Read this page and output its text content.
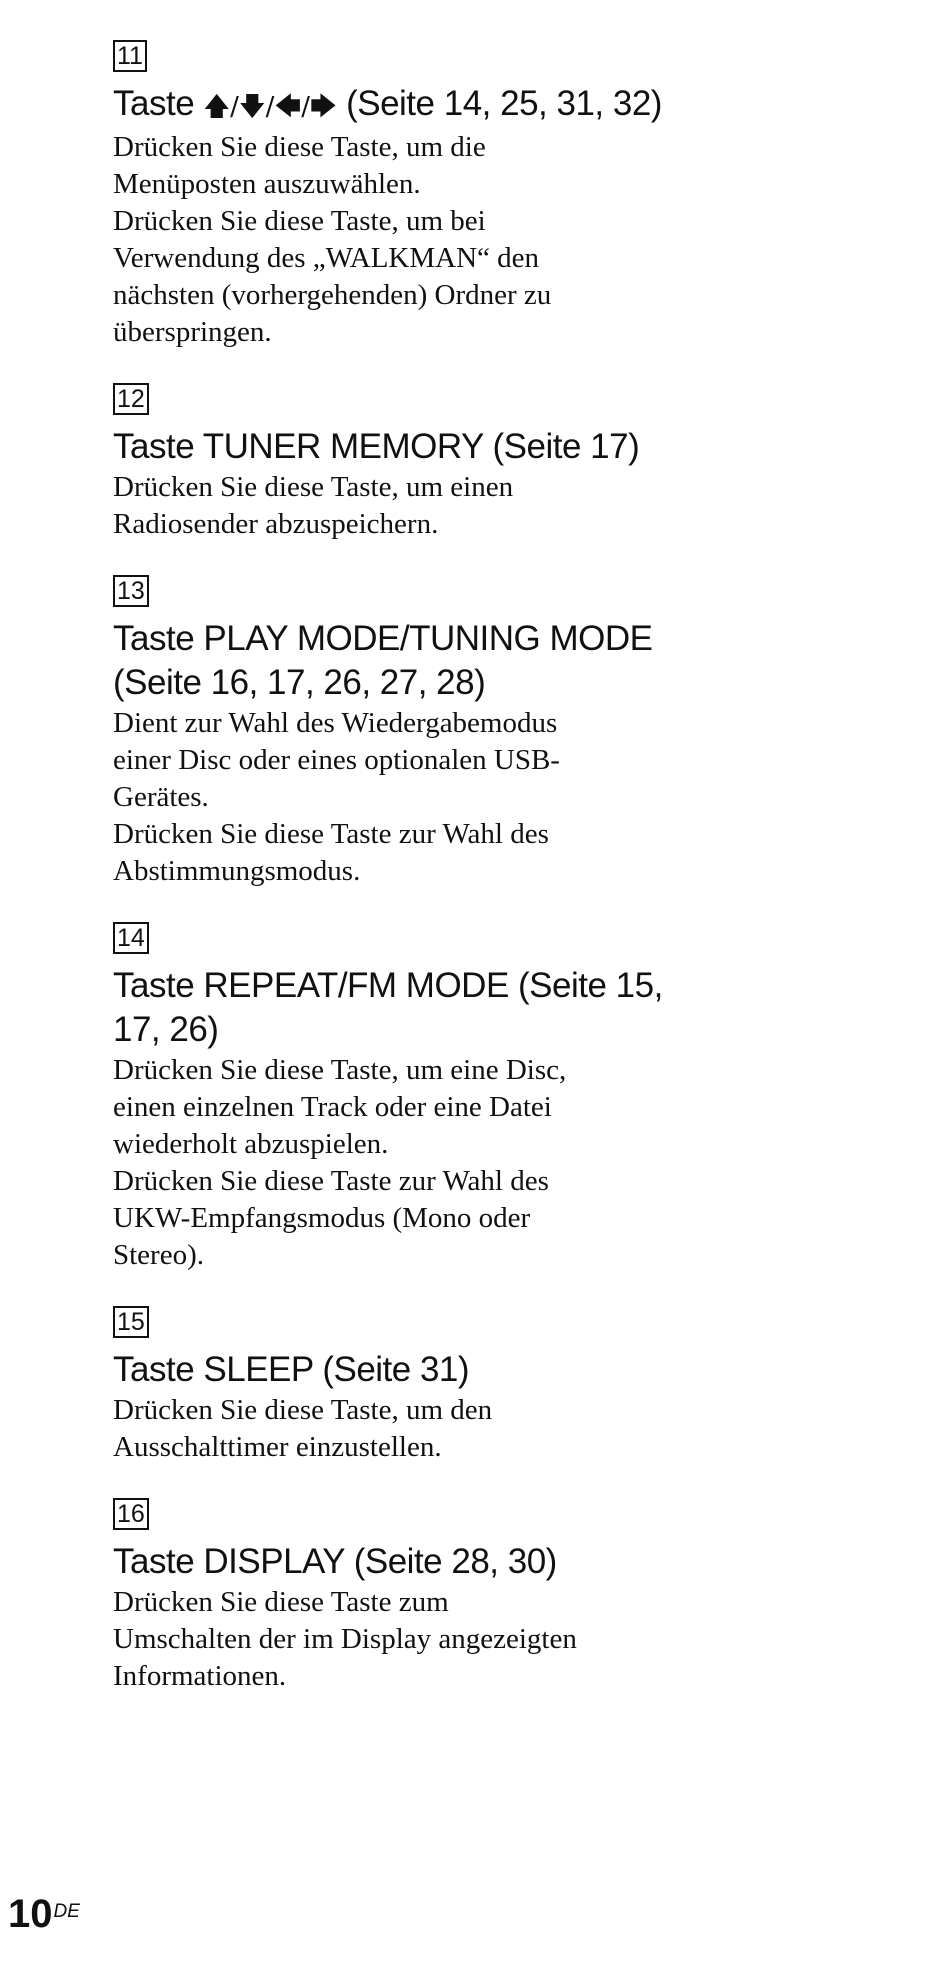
11
Taste 🡅/🡇/🡄/🡆 (Seite 14, 25, 31, 32)
Drücken Sie diese Taste, um die
Menüposten auszuwählen.
Drücken Sie diese Taste, um bei
Verwendung des „WALKMAN“ den
nächsten (vorhergehenden) Ordner zu
überspringen.
12
Taste TUNER MEMORY (Seite 17)
Drücken Sie diese Taste, um einen
Radiosender abzuspeichern.
13
Taste PLAY MODE/TUNING MODE
(Seite 16, 17, 26, 27, 28)
Dient zur Wahl des Wiedergabemodus
einer Disc oder eines optionalen USB-
Gerätes.
Drücken Sie diese Taste zur Wahl des
Abstimmungsmodus.
14
Taste REPEAT/FM MODE (Seite 15,
17, 26)
Drücken Sie diese Taste, um eine Disc,
einen einzelnen Track oder eine Datei
wiederholt abzuspielen.
Drücken Sie diese Taste zur Wahl des
UKW-Empfangsmodus (Mono oder
Stereo).
15
Taste SLEEP (Seite 31)
Drücken Sie diese Taste, um den
Ausschalttimer einzustellen.
16
Taste DISPLAY (Seite 28, 30)
Drücken Sie diese Taste zum
Umschalten der im Display angezeigten
Informationen.
10DE
